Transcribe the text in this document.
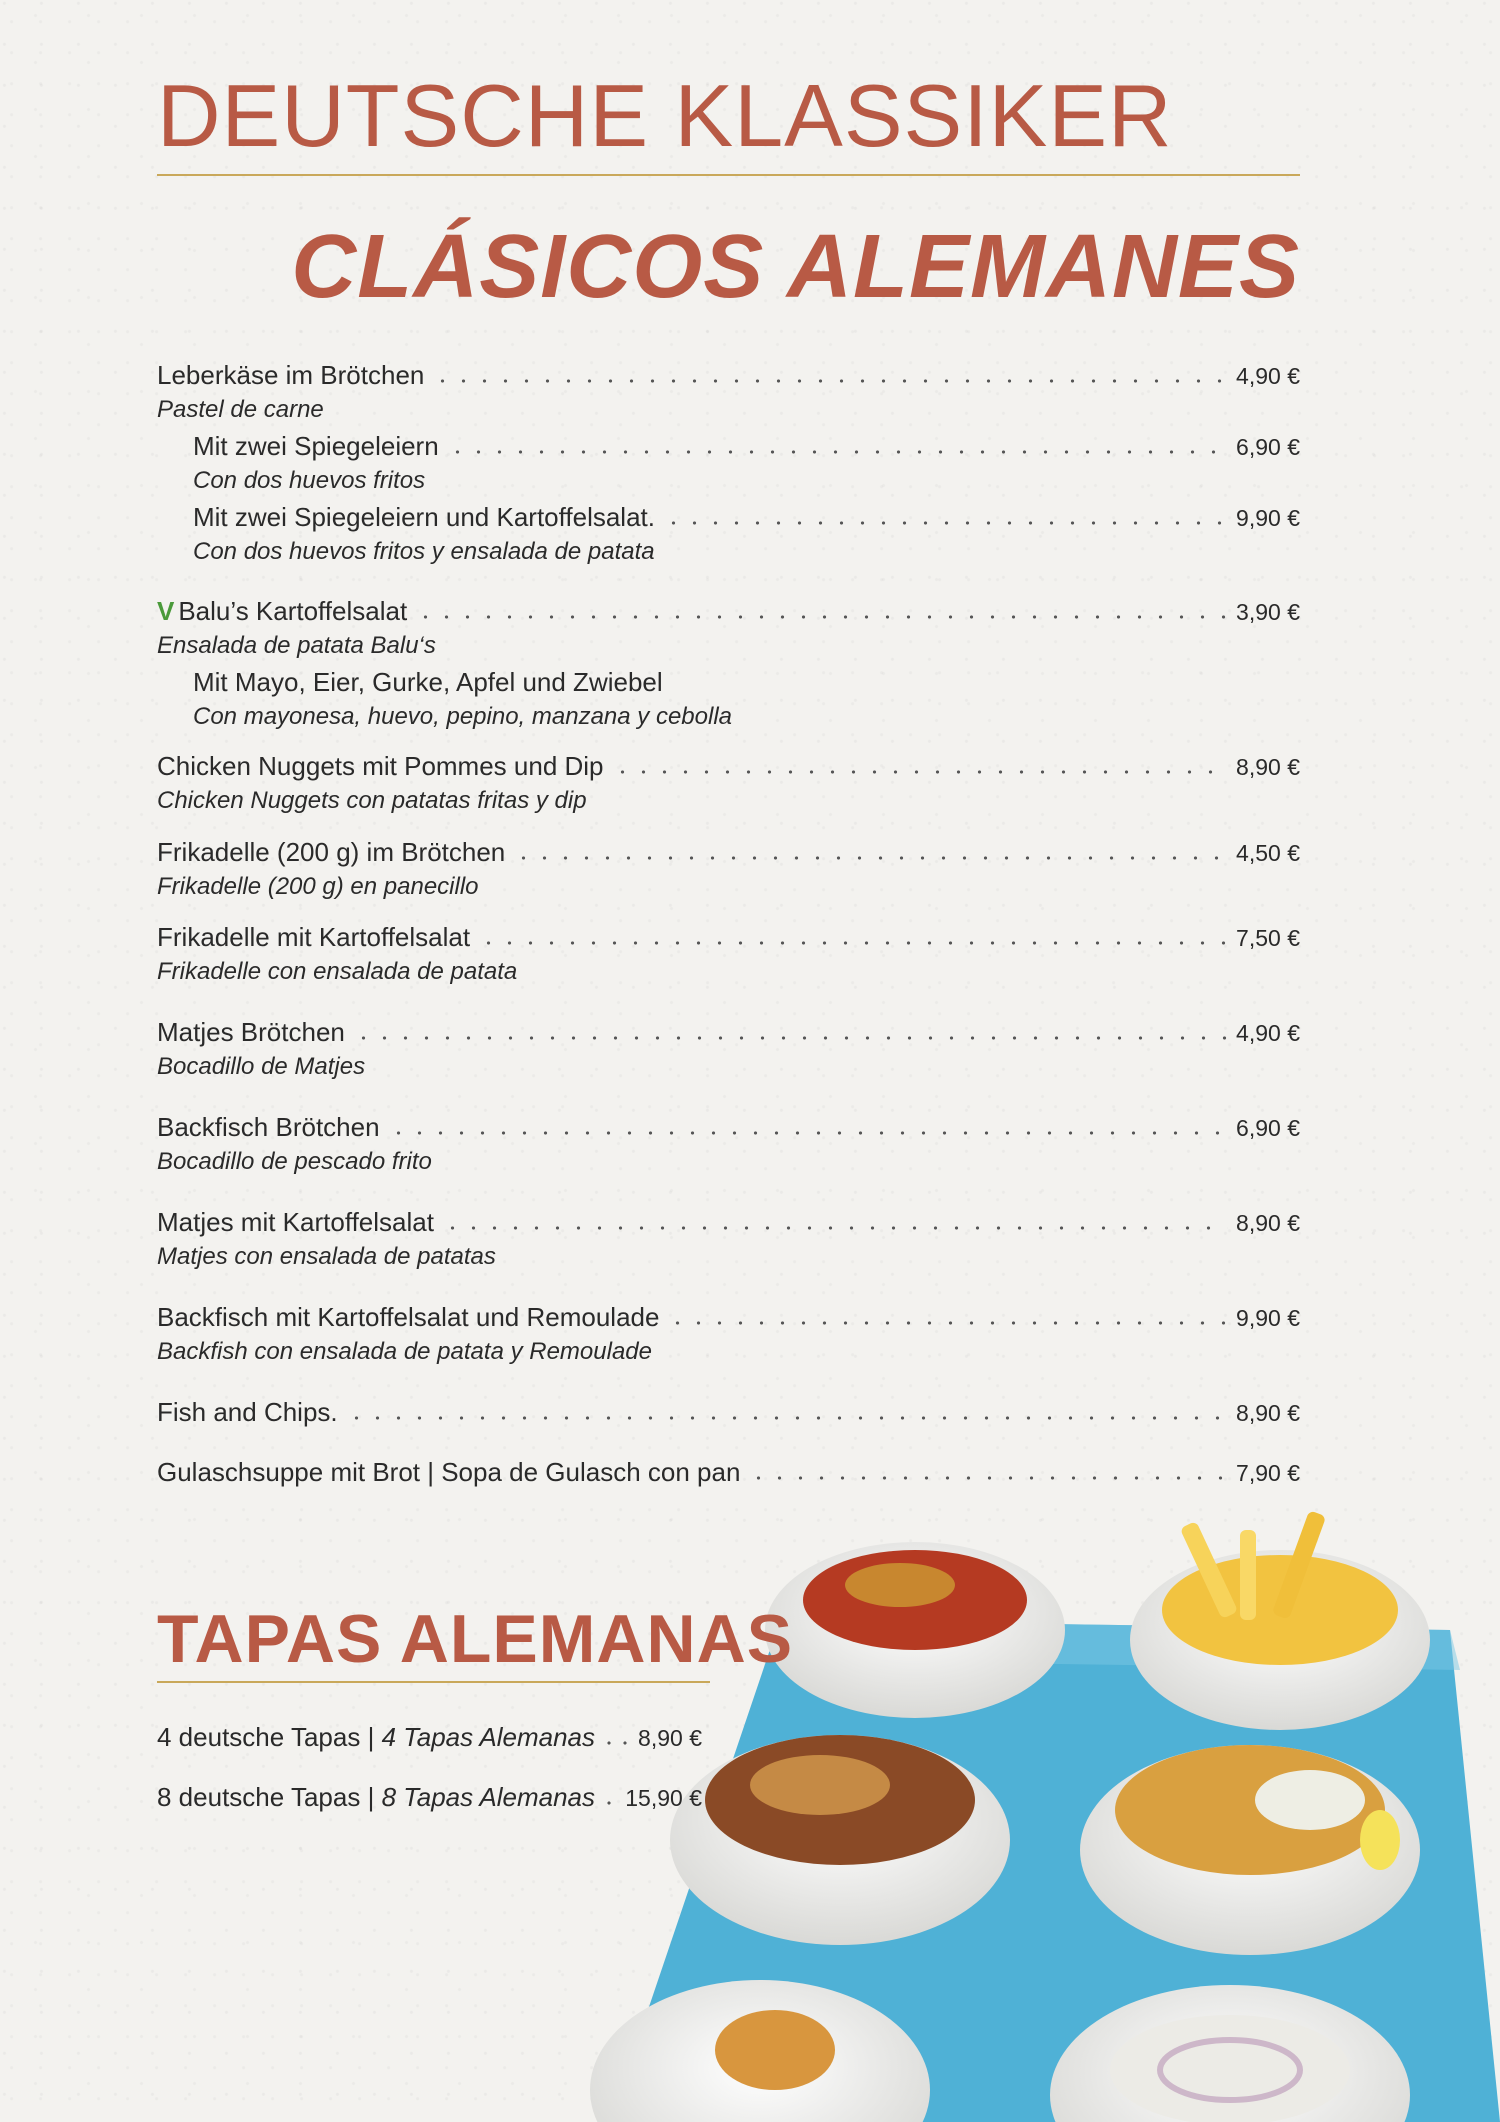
DEUTSCHE KLASSIKER
CLÁSICOS ALEMANES
Leberkäse im Brötchen	4,90 €
Pastel de carne
Mit zwei Spiegeleiern	6,90 €
Con dos huevos fritos
Mit zwei Spiegeleiern und Kartoffelsalat.	9,90 €
Con dos huevos fritos y ensalada de patata
V Balu’s Kartoffelsalat	3,90 €
Ensalada de patata Balu‘s
Mit Mayo, Eier, Gurke, Apfel und Zwiebel
Con mayonesa, huevo, pepino, manzana y cebolla
Chicken Nuggets mit Pommes und Dip	8,90 €
Chicken Nuggets con patatas fritas y dip
Frikadelle (200 g) im Brötchen	4,50 €
Frikadelle (200 g) en panecillo
Frikadelle mit Kartoffelsalat	7,50 €
Frikadelle con ensalada de patata
Matjes Brötchen	4,90 €
Bocadillo de Matjes
Backfisch Brötchen	6,90 €
Bocadillo de pescado frito
Matjes mit Kartoffelsalat	8,90 €
Matjes con ensalada de patatas
Backfisch mit Kartoffelsalat und Remoulade	9,90 €
Backfish con ensalada de patata y Remoulade
Fish and Chips.	8,90 €
Gulaschsuppe mit Brot | Sopa de Gulasch con pan	7,90 €
TAPAS ALEMANAS
4 deutsche Tapas | 4 Tapas Alemanas 8,90 €
8 deutsche Tapas | 8 Tapas Alemanas 15,90 €
